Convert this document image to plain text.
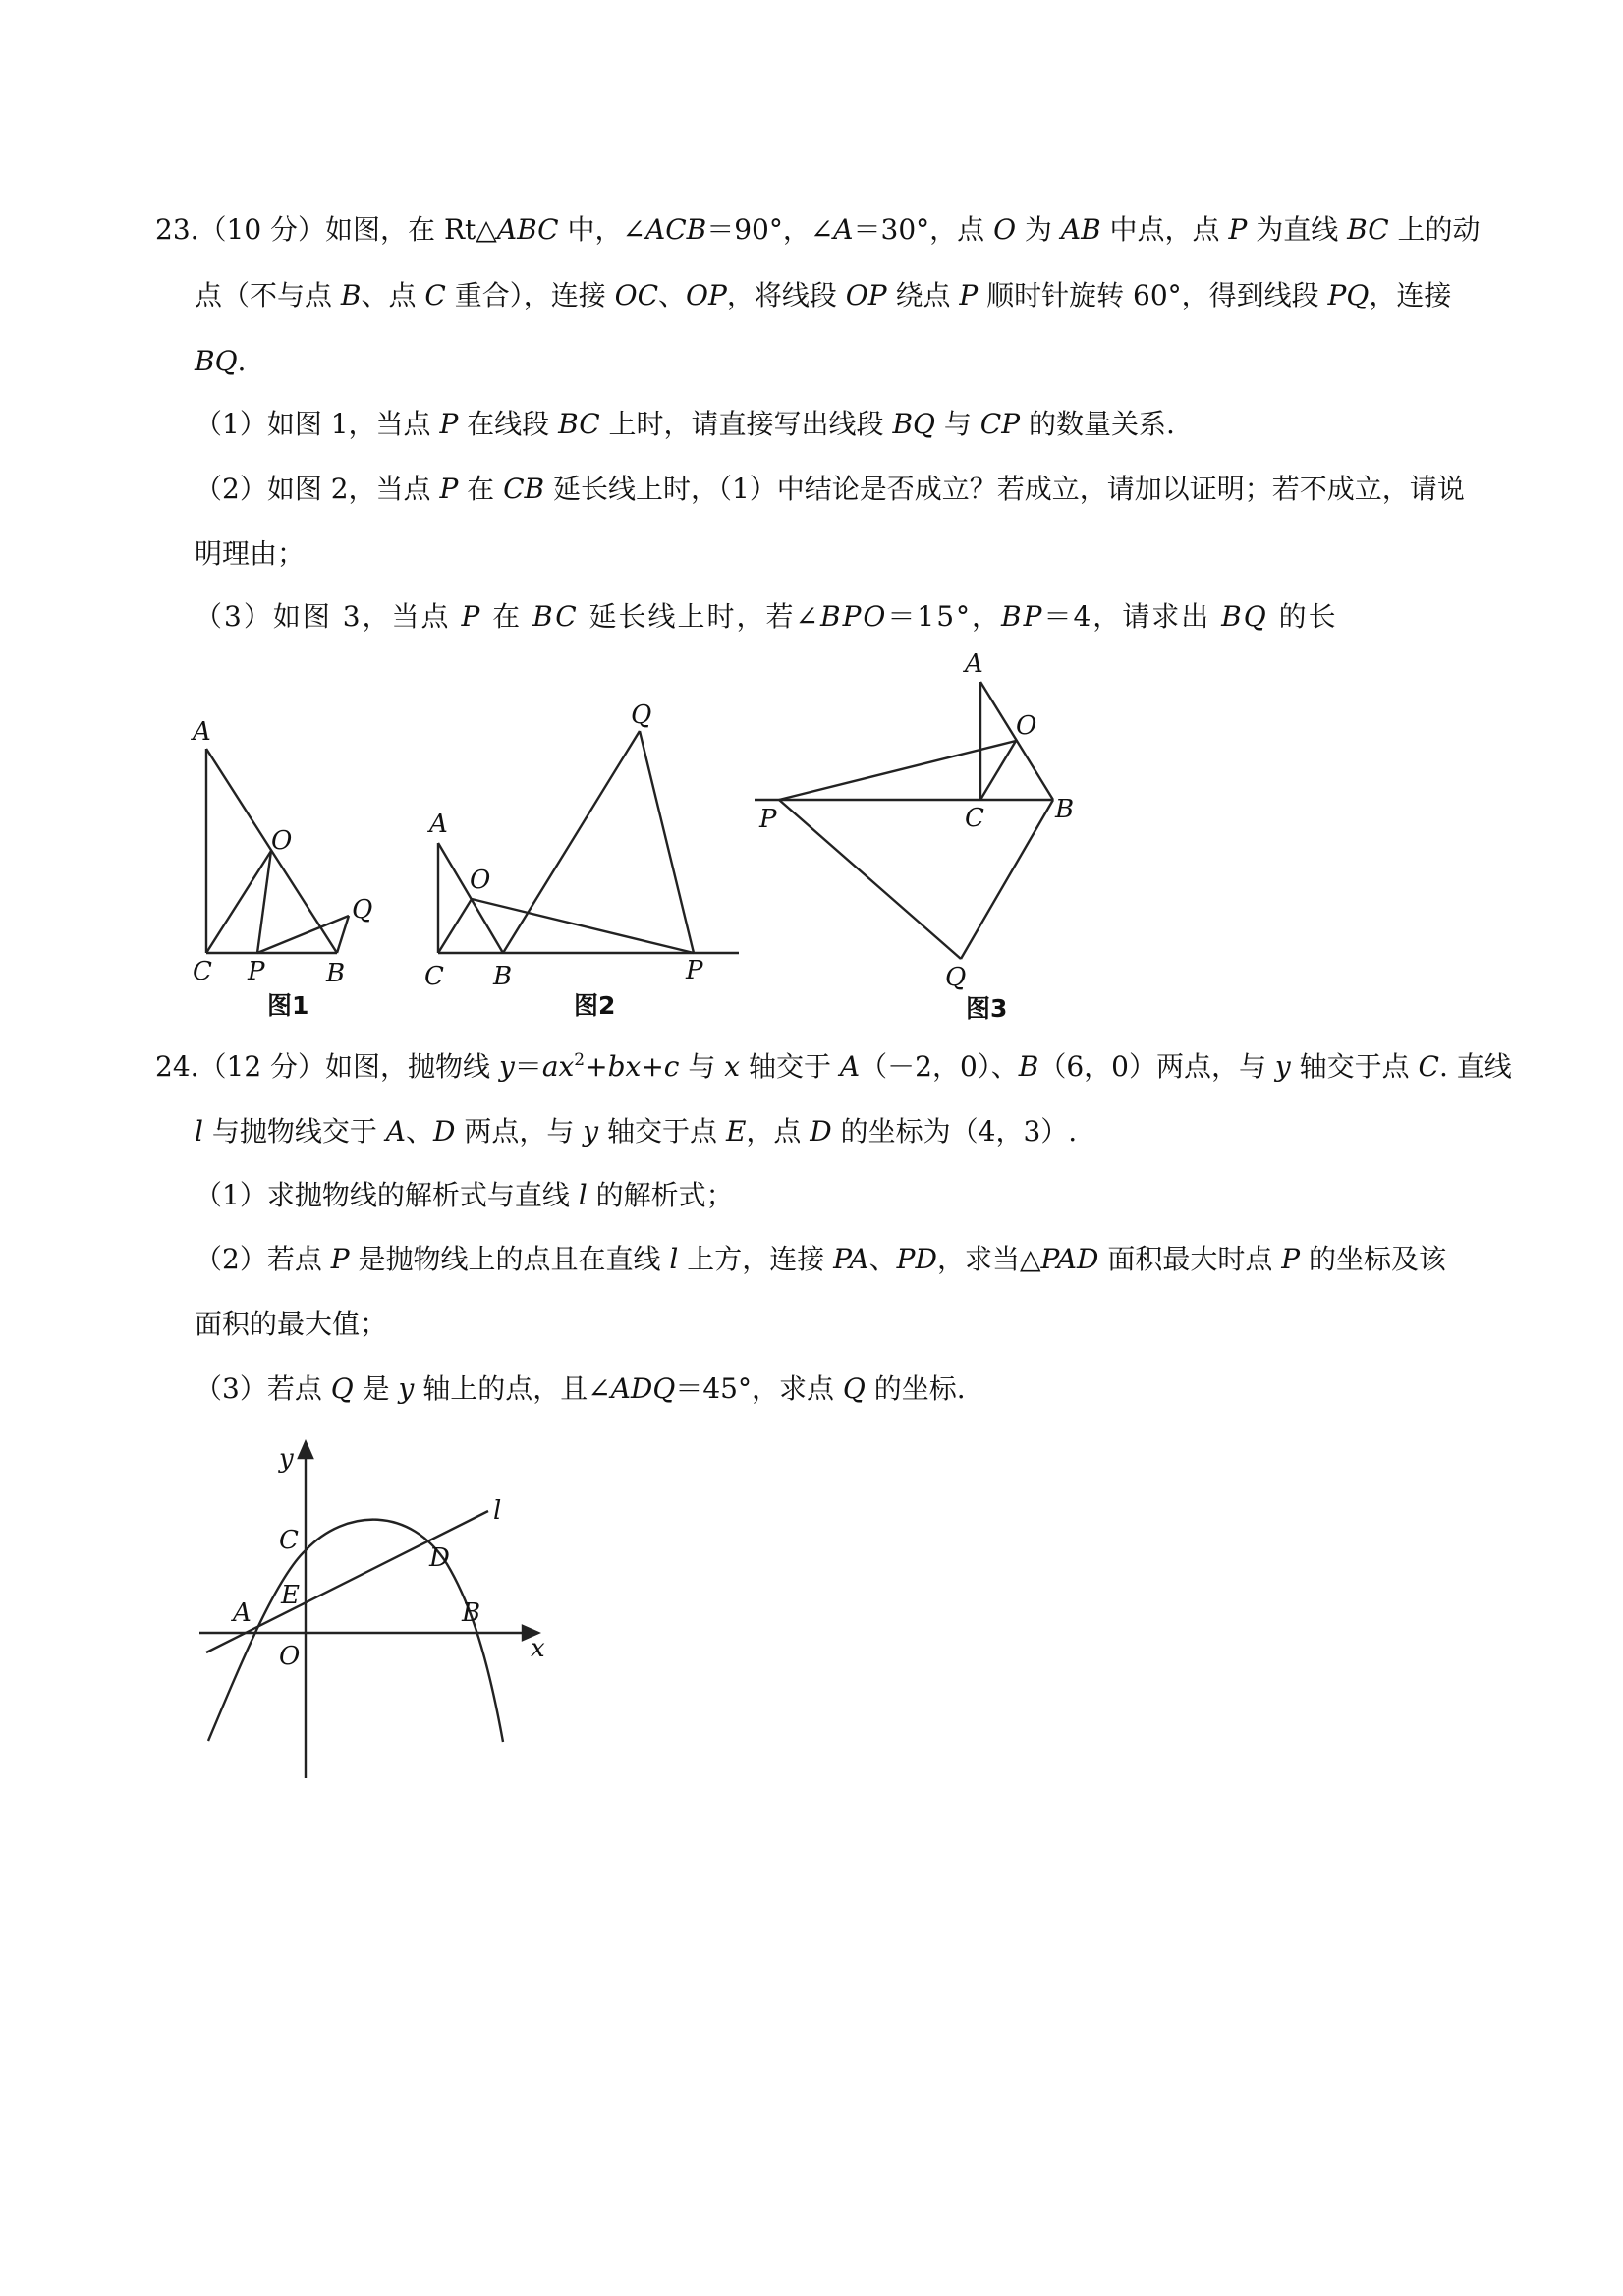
23.（10 分）如图，在 Rt△ABC 中，∠ACB＝90°，∠A＝30°，点 O 为 AB 中点，点 P 为直线 BC 上的动
点（不与点 B、点 C 重合），连接 OC、OP，将线段 OP 绕点 P 顺时针旋转 60°，得到线段 PQ，连接
BQ.
（1）如图 1，当点 P 在线段 BC 上时，请直接写出线段 BQ 与 CP 的数量关系.
（2）如图 2，当点 P 在 CB 延长线上时，（1）中结论是否成立？若成立，请加以证明；若不成立，请说
明理由；
（3）如图 3，当点 P 在 BC 延长线上时，若∠BPO＝15°，BP＝4，请求出 BQ 的长
A
O
Q
C P B
图1
A
O
Q
C B	P
图2
A
O
P	C	B
Q
图3
24.（12 分）如图，抛物线 $y=ax^2+bx+c$ 与 x 轴交于 A（－2，0）、B（6，0）两点，与 y 轴交于点 C. 直线
l 与抛物线交于 A、D 两点，与 y 轴交于点 E，点 D 的坐标为（4，3）.
（1）求抛物线的解析式与直线 l 的解析式；
（2）若点 P 是抛物线上的点且在直线 l 上方，连接 PA、PD，求当△PAD 面积最大时点 P 的坐标及该
面积的最大值；
（3）若点 Q 是 y 轴上的点，且∠ADQ＝45°，求点 Q 的坐标.
y
x
l
C
D
E
A	B
O
